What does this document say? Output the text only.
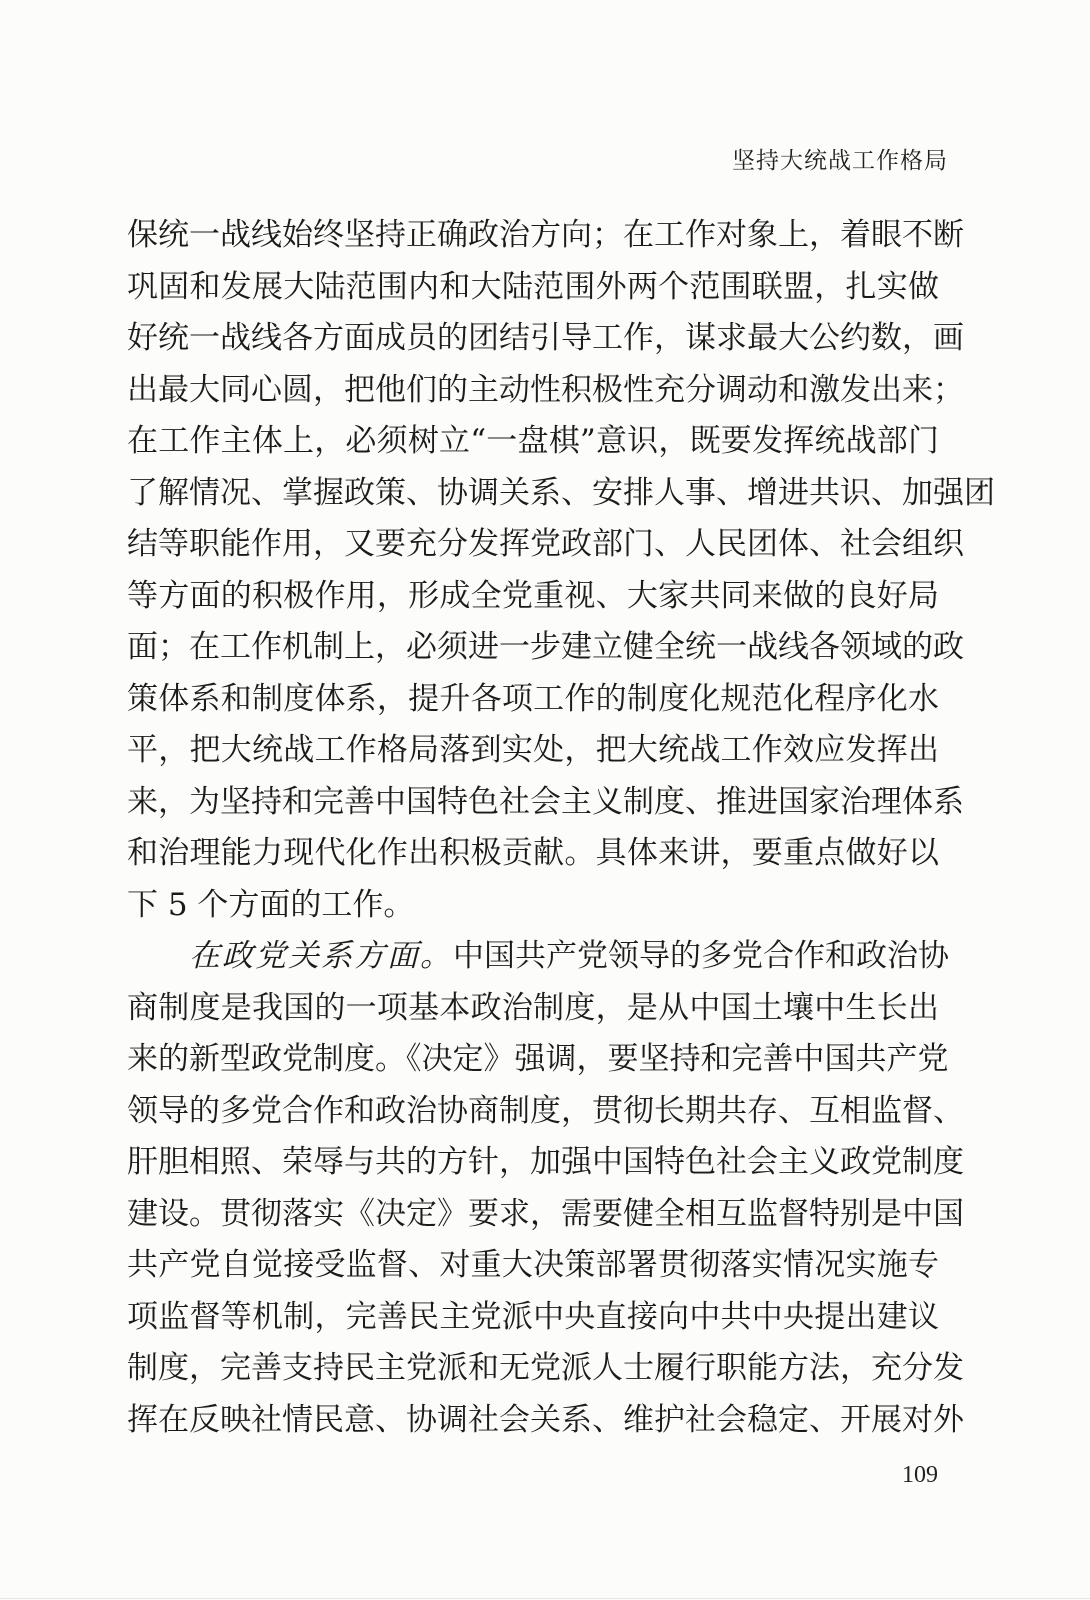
坚持大统战工作格局
保统一战线始终坚持正确政治方向；在工作对象上，着眼不断
巩固和发展大陆范围内和大陆范围外两个范围联盟，扎实做
好统一战线各方面成员的团结引导工作，谋求最大公约数，画
出最大同心圆，把他们的主动性积极性充分调动和激发出来；
在工作主体上，必须树立“一盘棋”意识，既要发挥统战部门
了解情况、掌握政策、协调关系、安排人事、增进共识、加强团
结等职能作用，又要充分发挥党政部门、人民团体、社会组织
等方面的积极作用，形成全党重视、大家共同来做的良好局
面；在工作机制上，必须进一步建立健全统一战线各领域的政
策体系和制度体系，提升各项工作的制度化规范化程序化水
平，把大统战工作格局落到实处，把大统战工作效应发挥出
来，为坚持和完善中国特色社会主义制度、推进国家治理体系
和治理能力现代化作出积极贡献。具体来讲，要重点做好以
下 5 个方面的工作。
在政党关系方面。中国共产党领导的多党合作和政治协
商制度是我国的一项基本政治制度，是从中国土壤中生长出
来的新型政党制度。《决定》强调，要坚持和完善中国共产党
领导的多党合作和政治协商制度，贯彻长期共存、互相监督、
肝胆相照、荣辱与共的方针，加强中国特色社会主义政党制度
建设。贯彻落实《决定》要求，需要健全相互监督特别是中国
共产党自觉接受监督、对重大决策部署贯彻落实情况实施专
项监督等机制，完善民主党派中央直接向中共中央提出建议
制度，完善支持民主党派和无党派人士履行职能方法，充分发
挥在反映社情民意、协调社会关系、维护社会稳定、开展对外
109
